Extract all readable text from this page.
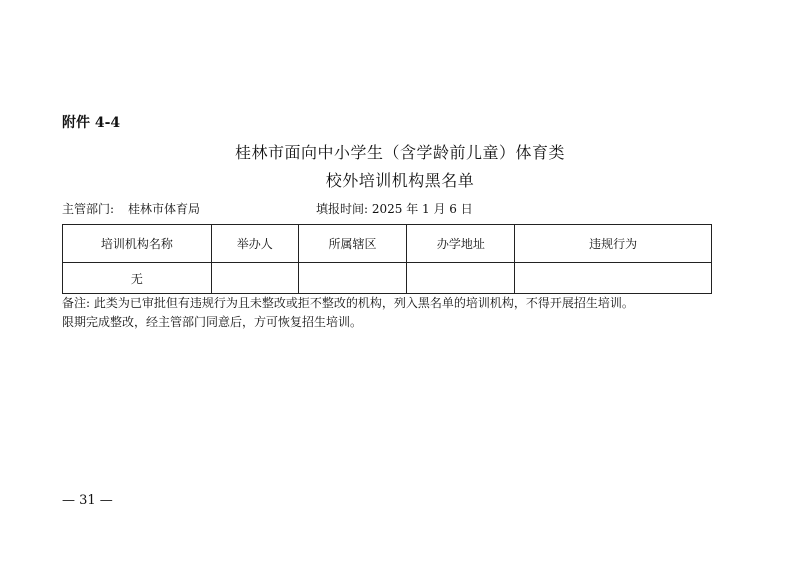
附件 4-4
桂林市面向中小学生（含学龄前儿童）体育类
校外培训机构黑名单
主管部门: 桂林市体育局	填报时间: 2025 年 1 月 6 日
培训机构名称	举办人	所属辖区	办学地址	违规行为
无				
备注: 此类为已审批但有违规行为且未整改或拒不整改的机构，列入黑名单的培训机构，不得开展招生培训。
限期完成整改，经主管部门同意后，方可恢复招生培训。
— 31 —
